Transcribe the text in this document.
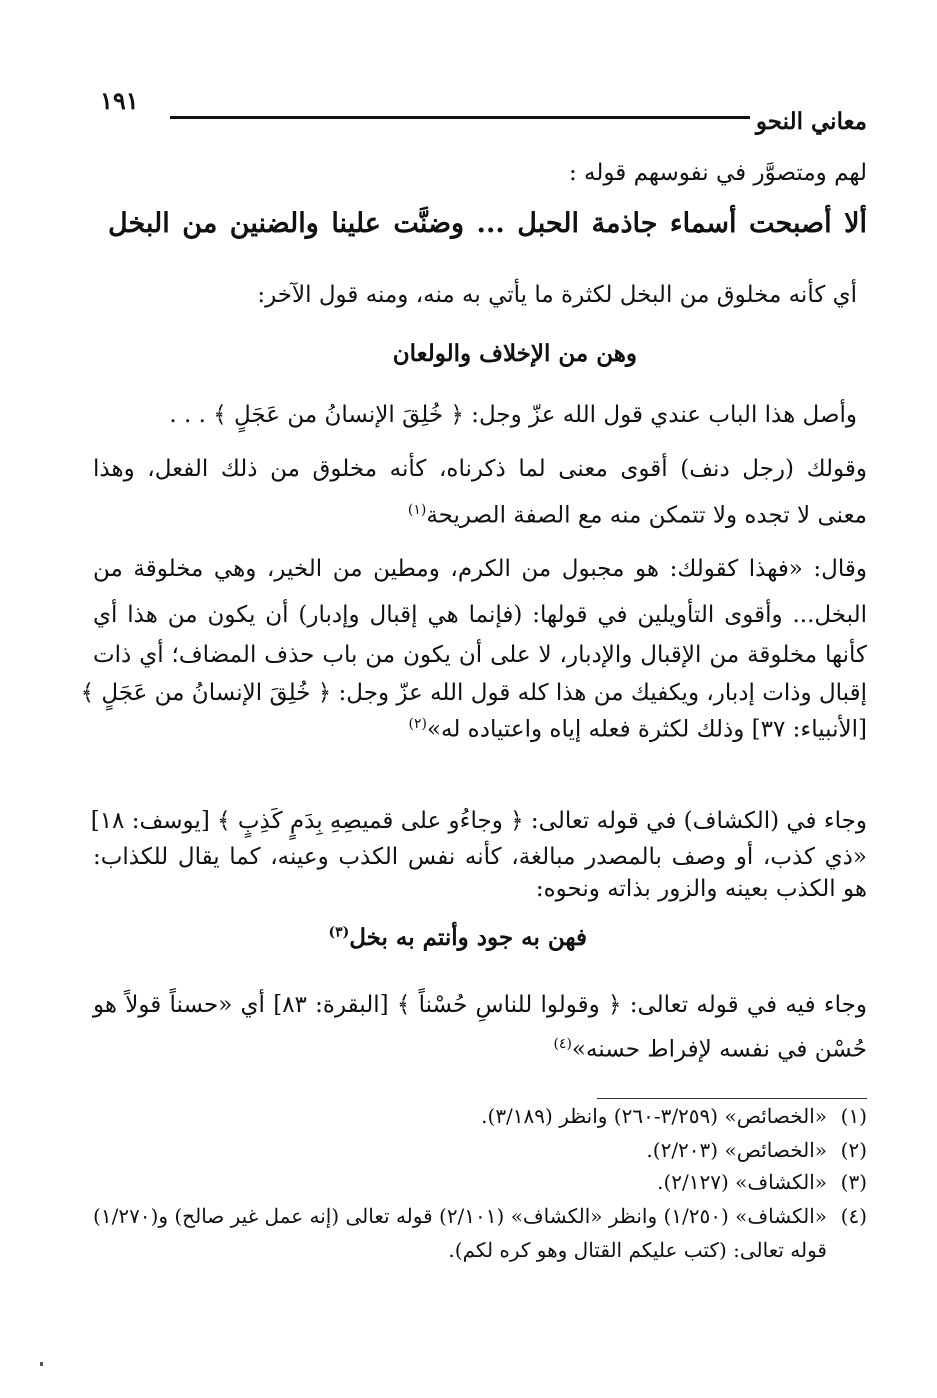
١٩١
معاني النحو
لهم ومتصوَّر في نفوسهم قوله :
ألا أصبحت أسماء جاذمة الحبل ... وضنَّت علينا والضنين من البخل
أي كأنه مخلوق من البخل لكثرة ما يأتي به منه، ومنه قول الآخر:
وهن من الإخلاف والولعان
وأصل هذا الباب عندي قول الله عزّ وجل: ﴿ خُلِقَ الإنسانُ من عَجَلٍ ﴾ . . .
وقولك (رجل دنف) أقوى معنى لما ذكرناه، كأنه مخلوق من ذلك الفعل، وهذا
معنى لا تجده ولا تتمكن منه مع الصفة الصريحة$^{(١)}$
وقال: «فهذا كقولك: هو مجبول من الكرم، ومطين من الخير، وهي مخلوقة من
البخل... وأقوى التأويلين في قولها: (فإنما هي إقبال وإدبار) أن يكون من هذا أي
كأنها مخلوقة من الإقبال والإدبار، لا على أن يكون من باب حذف المضاف؛ أي ذات
إقبال وذات إدبار، ويكفيك من هذا كله قول الله عزّ وجل: ﴿ خُلِقَ الإنسانُ من عَجَلٍ ﴾
[الأنبياء: ٣٧] وذلك لكثرة فعله إياه واعتياده له»$^{(٢)}$
وجاء في (الكشاف) في قوله تعالى: ﴿ وجاءُو على قميصِهِ بِدَمٍ كَذِبٍ ﴾ [يوسف: ١٨]
«ذي كذب، أو وصف بالمصدر مبالغة، كأنه نفس الكذب وعينه، كما يقال للكذاب:
هو الكذب بعينه والزور بذاته ونحوه:
فهن به جود وأنتم به بخل$^{(٣)}$
وجاء فيه في قوله تعالى: ﴿ وقولوا للناسِ حُسْناً ﴾ [البقرة: ٨٣] أي «حسناً قولاً هو
حُسْن في نفسه لإفراط حسنه»$^{(٤)}$
(١)«الخصائص» (٣/٢٥٩-٢٦٠) وانظر (٣/١٨٩).
(٢)«الخصائص» (٢/٢٠٣).
(٣)«الكشاف» (٢/١٢٧).
(٤)«الكشاف» (١/٢٥٠) وانظر «الكشاف» (٢/١٠١) قوله تعالى (إنه عمل غير صالح) و(١/٢٧٠)
قوله تعالى: (كتب عليكم القتال وهو كره لكم).
